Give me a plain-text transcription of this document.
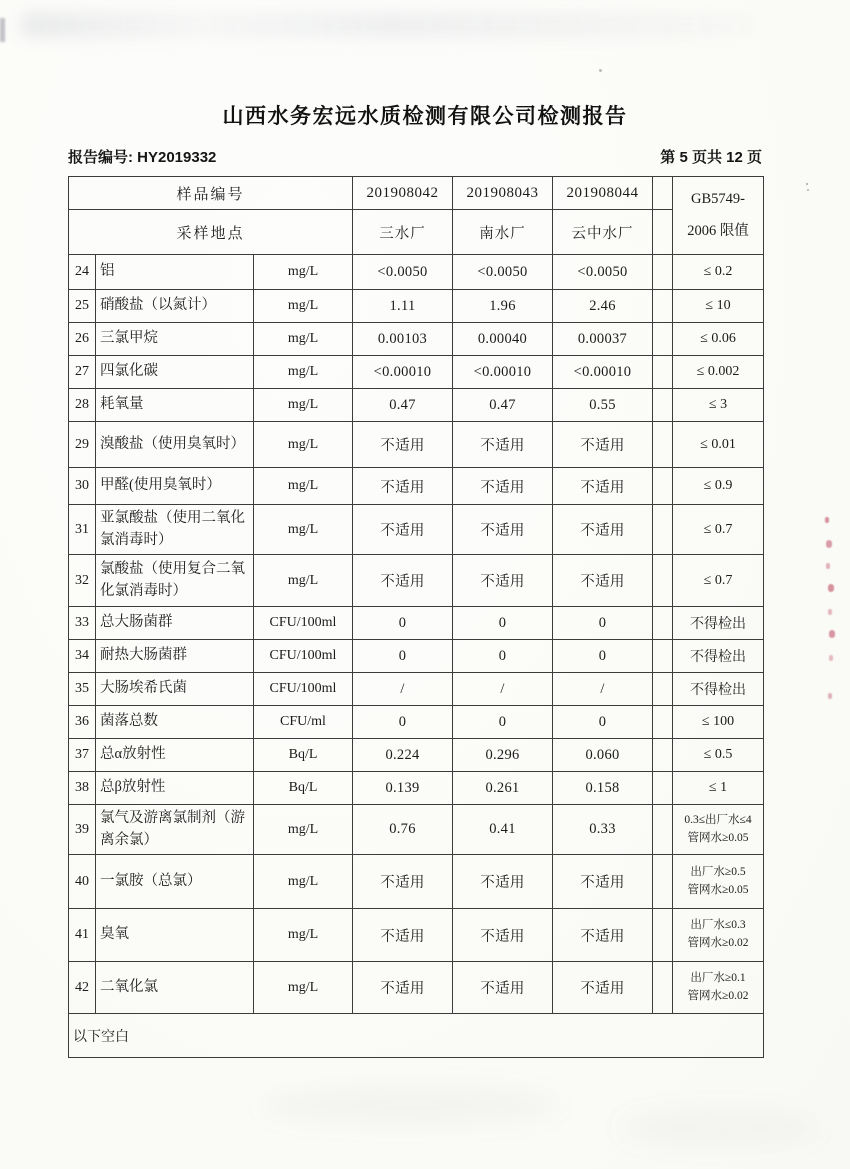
山西水务宏远水质检测有限公司检测报告
报告编号: HY2019332	第 5 页共 12 页
样品编号			201908042	201908043	201908044		GB5749-
2006 限值

采样地点			三水厂	南水厂	云中水厂		
24	铝	mg/L	<0.0050	<0.0050	<0.0050		≤ 0.2

25	硝酸盐（以氮计）	mg/L	1.11	1.96	2.46		≤ 10

26	三氯甲烷	mg/L	0.00103	0.00040	0.00037		≤ 0.06

27	四氯化碳	mg/L	<0.00010	<0.00010	<0.00010		≤ 0.002

28	耗氧量	mg/L	0.47	0.47	0.55		≤ 3

29	溴酸盐（使用臭氧时）	mg/L	不适用	不适用	不适用		≤ 0.01

30	甲醛(使用臭氧时）	mg/L	不适用	不适用	不适用		≤ 0.9

31	亚氯酸盐（使用二氧化氯消毒时）	mg/L	不适用	不适用	不适用		≤ 0.7

32	氯酸盐（使用复合二氧化氯消毒时）	mg/L	不适用	不适用	不适用		≤ 0.7

33	总大肠菌群	CFU/100ml	0	0	0		不得检出

34	耐热大肠菌群	CFU/100ml	0	0	0		不得检出

35	大肠埃希氏菌	CFU/100ml	/	/	/		不得检出

36	菌落总数	CFU/ml	0	0	0		≤ 100

37	总α放射性	Bq/L	0.224	0.296	0.060		≤ 0.5

38	总β放射性	Bq/L	0.139	0.261	0.158		≤ 1

39	氯气及游离氯制剂（游离余氯）	mg/L	0.76	0.41	0.33		0.3≤出厂水≤4
管网水≥0.05

40	一氯胺（总氯）	mg/L	不适用	不适用	不适用		出厂水≥0.5
管网水≥0.05

41	臭氧	mg/L	不适用	不适用	不适用		出厂水≤0.3
管网水≥0.02

42	二氧化氯	mg/L	不适用	不适用	不适用		出厂水≥0.1
管网水≥0.02

以下空白							
